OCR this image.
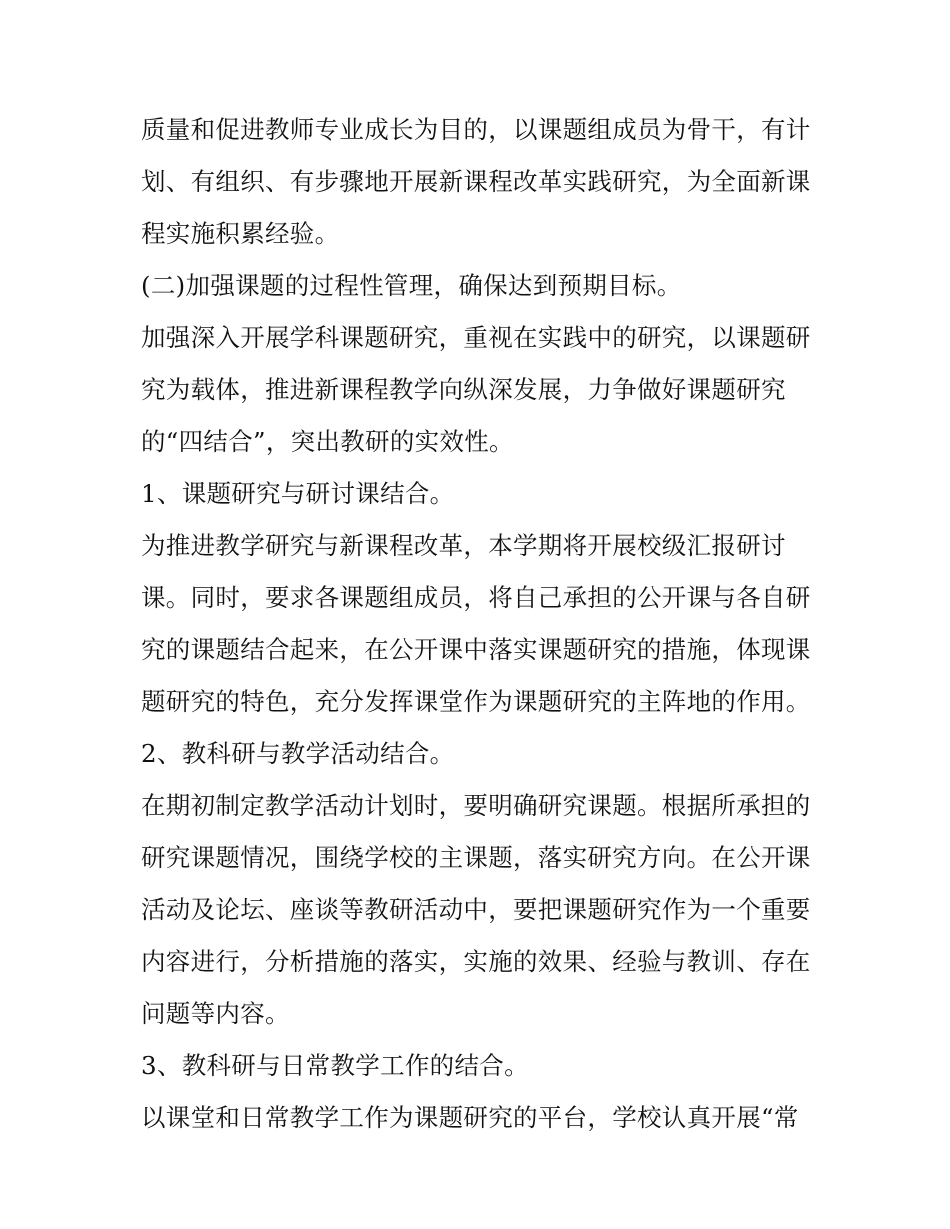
质量和促进教师专业成长为目的，以课题组成员为骨干，有计
划、有组织、有步骤地开展新课程改革实践研究，为全面新课
程实施积累经验。
(二)加强课题的过程性管理，确保达到预期目标。
加强深入开展学科课题研究，重视在实践中的研究，以课题研
究为载体，推进新课程教学向纵深发展，力争做好课题研究
的“四结合”，突出教研的实效性。
1、课题研究与研讨课结合。
为推进教学研究与新课程改革，本学期将开展校级汇报研讨
课。同时，要求各课题组成员，将自己承担的公开课与各自研
究的课题结合起来，在公开课中落实课题研究的措施，体现课
题研究的特色，充分发挥课堂作为课题研究的主阵地的作用。
2、教科研与教学活动结合。
在期初制定教学活动计划时，要明确研究课题。根据所承担的
研究课题情况，围绕学校的主课题，落实研究方向。在公开课
活动及论坛、座谈等教研活动中，要把课题研究作为一个重要
内容进行，分析措施的落实，实施的效果、经验与教训、存在
问题等内容。
3、教科研与日常教学工作的结合。
以课堂和日常教学工作为课题研究的平台，学校认真开展“常
